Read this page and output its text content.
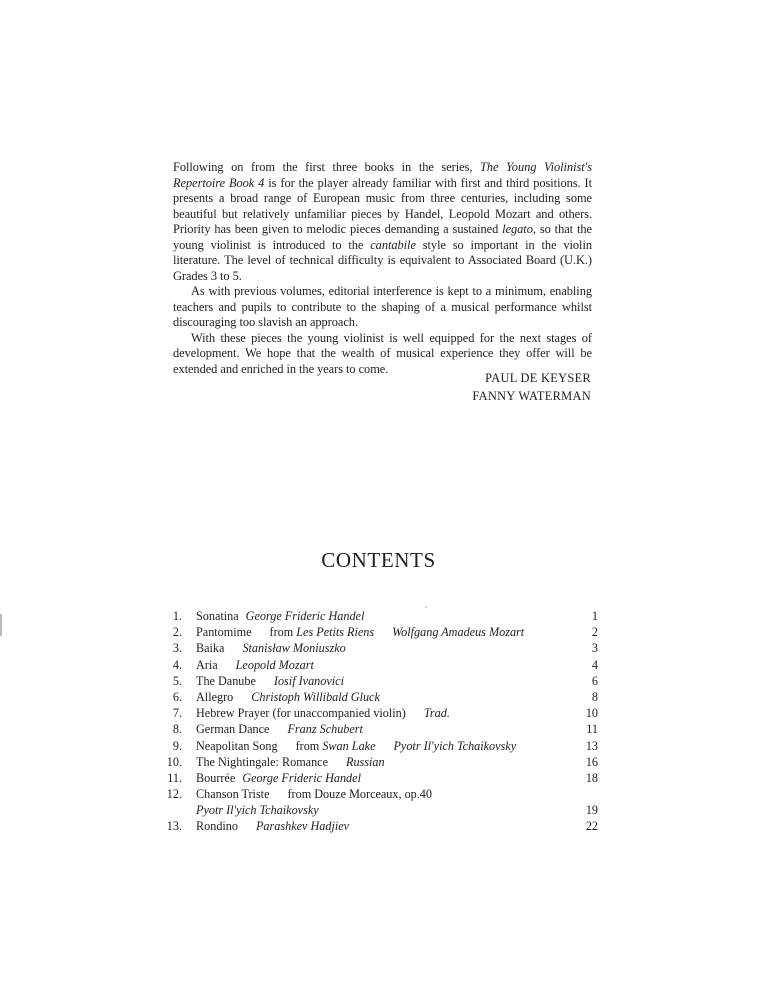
Following on from the first three books in the series, The Young Violinist's Repertoire Book 4 is for the player already familiar with first and third positions. It presents a broad range of European music from three centuries, including some beautiful but relatively unfamiliar pieces by Handel, Leopold Mozart and others. Priority has been given to melodic pieces demanding a sustained legato, so that the young violinist is introduced to the cantabile style so important in the violin literature. The level of technical difficulty is equivalent to Associated Board (U.K.) Grades 3 to 5.

As with previous volumes, editorial interference is kept to a minimum, enabling teachers and pupils to contribute to the shaping of a musical performance whilst discouraging too slavish an approach.

With these pieces the young violinist is well equipped for the next stages of development. We hope that the wealth of musical experience they offer will be extended and enriched in the years to come.

PAUL DE KEYSER
FANNY WATERMAN
CONTENTS
1. Sonatina George Frideric Handel	1
2. Pantomime from Les Petits Riens Wolfgang Amadeus Mozart	2
3. Baika Stanisław Moniuszko	3
4. Aria Leopold Mozart	4
5. The Danube Iosif Ivanovici	6
6. Allegro Christoph Willibald Gluck	8
7. Hebrew Prayer (for unaccompanied violin) Trad.	10
8. German Dance Franz Schubert	11
9. Neapolitan Song from Swan Lake Pyotr Il'yich Tchaikovsky	13
10. The Nightingale: Romance Russian	16
11. Bourrée George Frideric Handel	18
12. Chanson Triste from Douze Morceaux, op.40
Pyotr Il'yich Tchaikovsky	19
13. Rondino Parashkev Hadjiev	22
